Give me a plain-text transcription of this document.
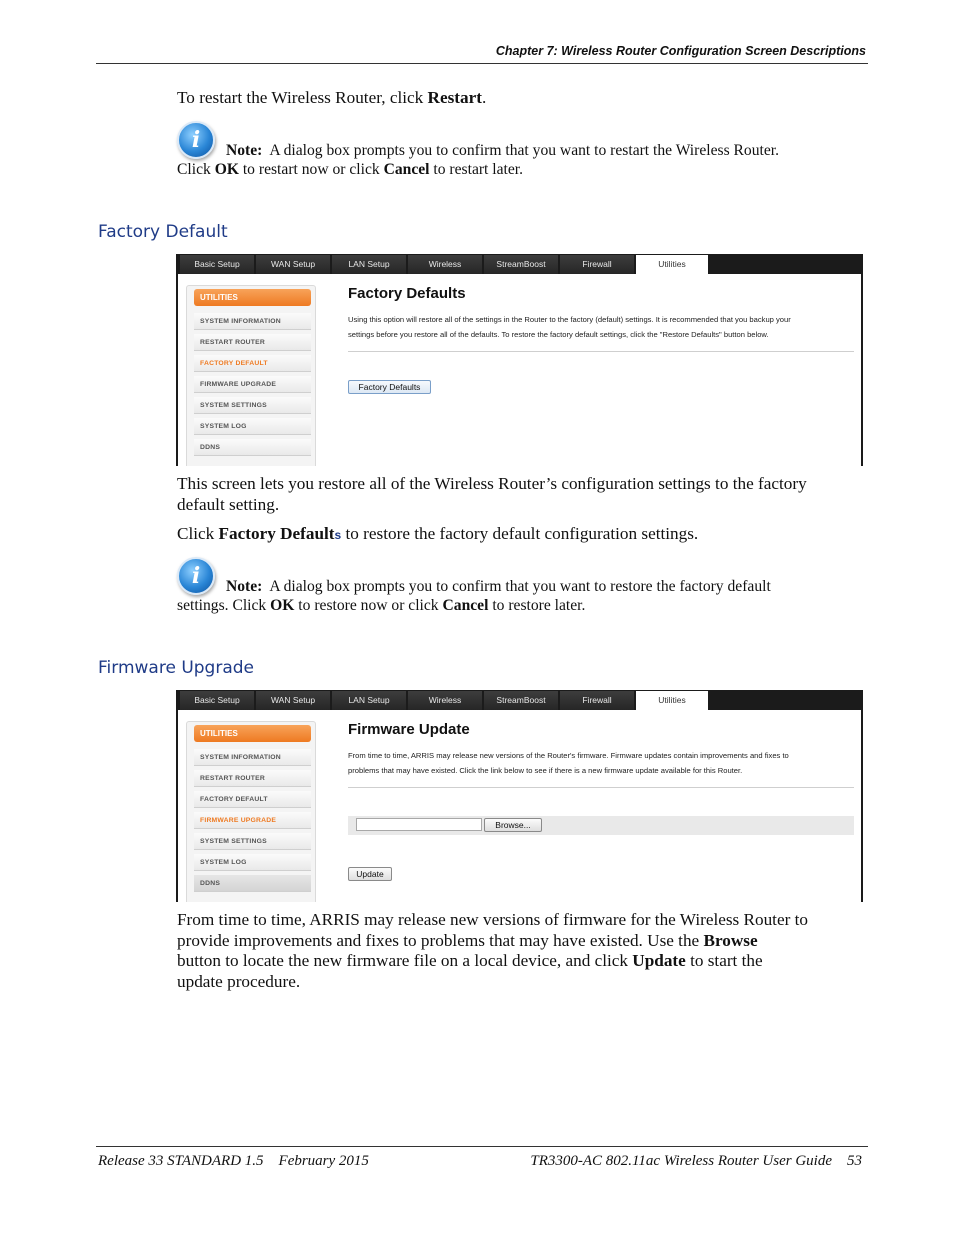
Chapter 7: Wireless Router Configuration Screen Descriptions
To restart the Wireless Router, click Restart.
i	Note: A dialog box prompts you to confirm that you want to restart the Wireless Router.
Click OK to restart now or click Cancel to restart later.
Factory Default
Basic Setup	WAN Setup	LAN Setup	Wireless	StreamBoost	Firewall	Utilities
UTILITIES
SYSTEM INFORMATION
RESTART ROUTER
FACTORY DEFAULT
FIRMWARE UPGRADE
SYSTEM SETTINGS
SYSTEM LOG
DDNS
Factory Defaults
Using this option will restore all of the settings in the Router to the factory (default) settings. It is recommended that you backup your
settings before you restore all of the defaults. To restore the factory default settings, click the "Restore Defaults" button below.
Factory Defaults
This screen lets you restore all of the Wireless Router’s configuration settings to the factory
default setting.
Click Factory Defaults to restore the factory default configuration settings.
i	Note: A dialog box prompts you to confirm that you want to restore the factory default
settings. Click OK to restore now or click Cancel to restore later.
Firmware Upgrade
Basic Setup	WAN Setup	LAN Setup	Wireless	StreamBoost	Firewall	Utilities
UTILITIES
SYSTEM INFORMATION
RESTART ROUTER
FACTORY DEFAULT
FIRMWARE UPGRADE
SYSTEM SETTINGS
SYSTEM LOG
DDNS
Firmware Update
From time to time, ARRIS may release new versions of the Router's firmware. Firmware updates contain improvements and fixes to
problems that may have existed. Click the link below to see if there is a new firmware update available for this Router.
Browse...
Update
From time to time, ARRIS may release new versions of firmware for the Wireless Router to
provide improvements and fixes to problems that may have existed. Use the Browse
button to locate the new firmware file on a local device, and click Update to start the
update procedure.
Release 33 STANDARD 1.5    February 2015	TR3300-AC 802.11ac Wireless Router User Guide    53
